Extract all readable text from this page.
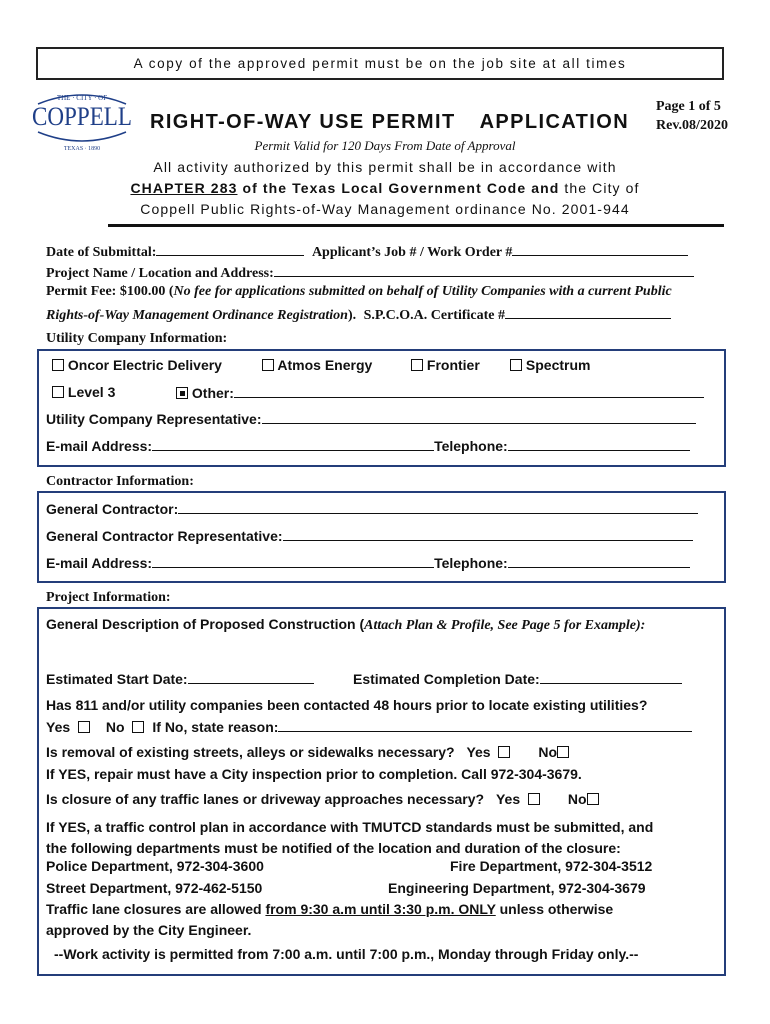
A copy of the approved permit must be on the job site at all times
THE · CITY · OF
COPPELL
TEXAS · 1890
RIGHT-OF-WAY USE PERMIT APPLICATION
Page 1 of 5
Rev.08/2020
Permit Valid for 120 Days From Date of Approval
All activity authorized by this permit shall be in accordance with
CHAPTER 283 of the Texas Local Government Code and the City of
Coppell Public Rights-of-Way Management ordinance No. 2001-944
Date of Submittal:	Applicant’s Job # / Work Order #
Project Name / Location and Address:
Permit Fee: $100.00 (No fee for applications submitted on behalf of Utility Companies with a current Public
Rights-of-Way Management Ordinance Registration). S.P.C.O.A. Certificate #
Utility Company Information:
Oncor Electric Delivery	Atmos Energy	Frontier	Spectrum
Level 3	Other:
Utility Company Representative:
E-mail Address:	Telephone:
Contractor Information:
General Contractor:
General Contractor Representative:
E-mail Address:	Telephone:
Project Information:
General Description of Proposed Construction (Attach Plan & Profile, See Page 5 for Example):
Estimated Start Date:	Estimated Completion Date:
Has 811 and/or utility companies been contacted 48 hours prior to locate existing utilities?
Yes	No If No, state reason:
Is removal of existing streets, alleys or sidewalks necessary? Yes	No
If YES, repair must have a City inspection prior to completion. Call 972-304-3679.
Is closure of any traffic lanes or driveway approaches necessary? Yes	No
If YES, a traffic control plan in accordance with TMUTCD standards must be submitted, and
the following departments must be notified of the location and duration of the closure:
Police Department, 972-304-3600	Fire Department, 972-304-3512
Street Department, 972-462-5150	Engineering Department, 972-304-3679
Traffic lane closures are allowed from 9:30 a.m until 3:30 p.m. ONLY unless otherwise
approved by the City Engineer.
--Work activity is permitted from 7:00 a.m. until 7:00 p.m., Monday through Friday only.--
